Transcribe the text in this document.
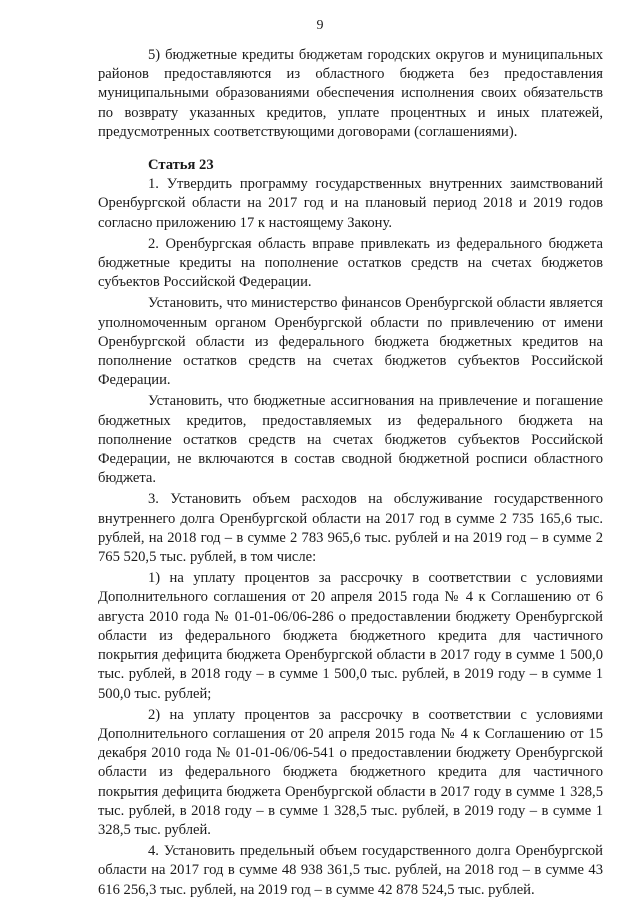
9

5) бюджетные кредиты бюджетам городских округов и муниципальных районов предоставляются из областного бюджета без предоставления муниципальными образованиями обеспечения исполнения своих обязательств по возврату указанных кредитов, уплате процентных и иных платежей, предусмотренных соответствующими договорами (соглашениями).

Статья 23

1. Утвердить программу государственных внутренних заимствований Оренбургской области на 2017 год и на плановый период 2018 и 2019 годов согласно приложению 17 к настоящему Закону.

2. Оренбургская область вправе привлекать из федерального бюджета бюджетные кредиты на пополнение остатков средств на счетах бюджетов субъектов Российской Федерации.

Установить, что министерство финансов Оренбургской области является уполномоченным органом Оренбургской области по привлечению от имени Оренбургской области из федерального бюджета бюджетных кредитов на пополнение остатков средств на счетах бюджетов субъектов Российской Федерации.

Установить, что бюджетные ассигнования на привлечение и погашение бюджетных кредитов, предоставляемых из федерального бюджета на пополнение остатков средств на счетах бюджетов субъектов Российской Федерации, не включаются в состав сводной бюджетной росписи областного бюджета.

3. Установить объем расходов на обслуживание государственного внутреннего долга Оренбургской области на 2017 год в сумме 2 735 165,6 тыс. рублей, на 2018 год – в сумме 2 783 965,6 тыс. рублей и на 2019 год – в сумме 2 765 520,5 тыс. рублей, в том числе:

1) на уплату процентов за рассрочку в соответствии с условиями Дополнительного соглашения от 20 апреля 2015 года № 4 к Соглашению от 6 августа 2010 года № 01-01-06/06-286 о предоставлении бюджету Оренбургской области из федерального бюджета бюджетного кредита для частичного покрытия дефицита бюджета Оренбургской области в 2017 году в сумме 1 500,0 тыс. рублей, в 2018 году – в сумме 1 500,0 тыс. рублей, в 2019 году – в сумме 1 500,0 тыс. рублей;

2) на уплату процентов за рассрочку в соответствии с условиями Дополнительного соглашения от 20 апреля 2015 года № 4 к Соглашению от 15 декабря 2010 года № 01-01-06/06-541 о предоставлении бюджету Оренбургской области из федерального бюджета бюджетного кредита для частичного покрытия дефицита бюджета Оренбургской области в 2017 году в сумме 1 328,5 тыс. рублей, в 2018 году – в сумме 1 328,5 тыс. рублей, в 2019 году – в сумме 1 328,5 тыс. рублей.

4. Установить предельный объем государственного долга Оренбургской области на 2017 год в сумме 48 938 361,5 тыс. рублей, на 2018 год – в сумме 43 616 256,3 тыс. рублей, на 2019 год – в сумме 42 878 524,5 тыс. рублей.
